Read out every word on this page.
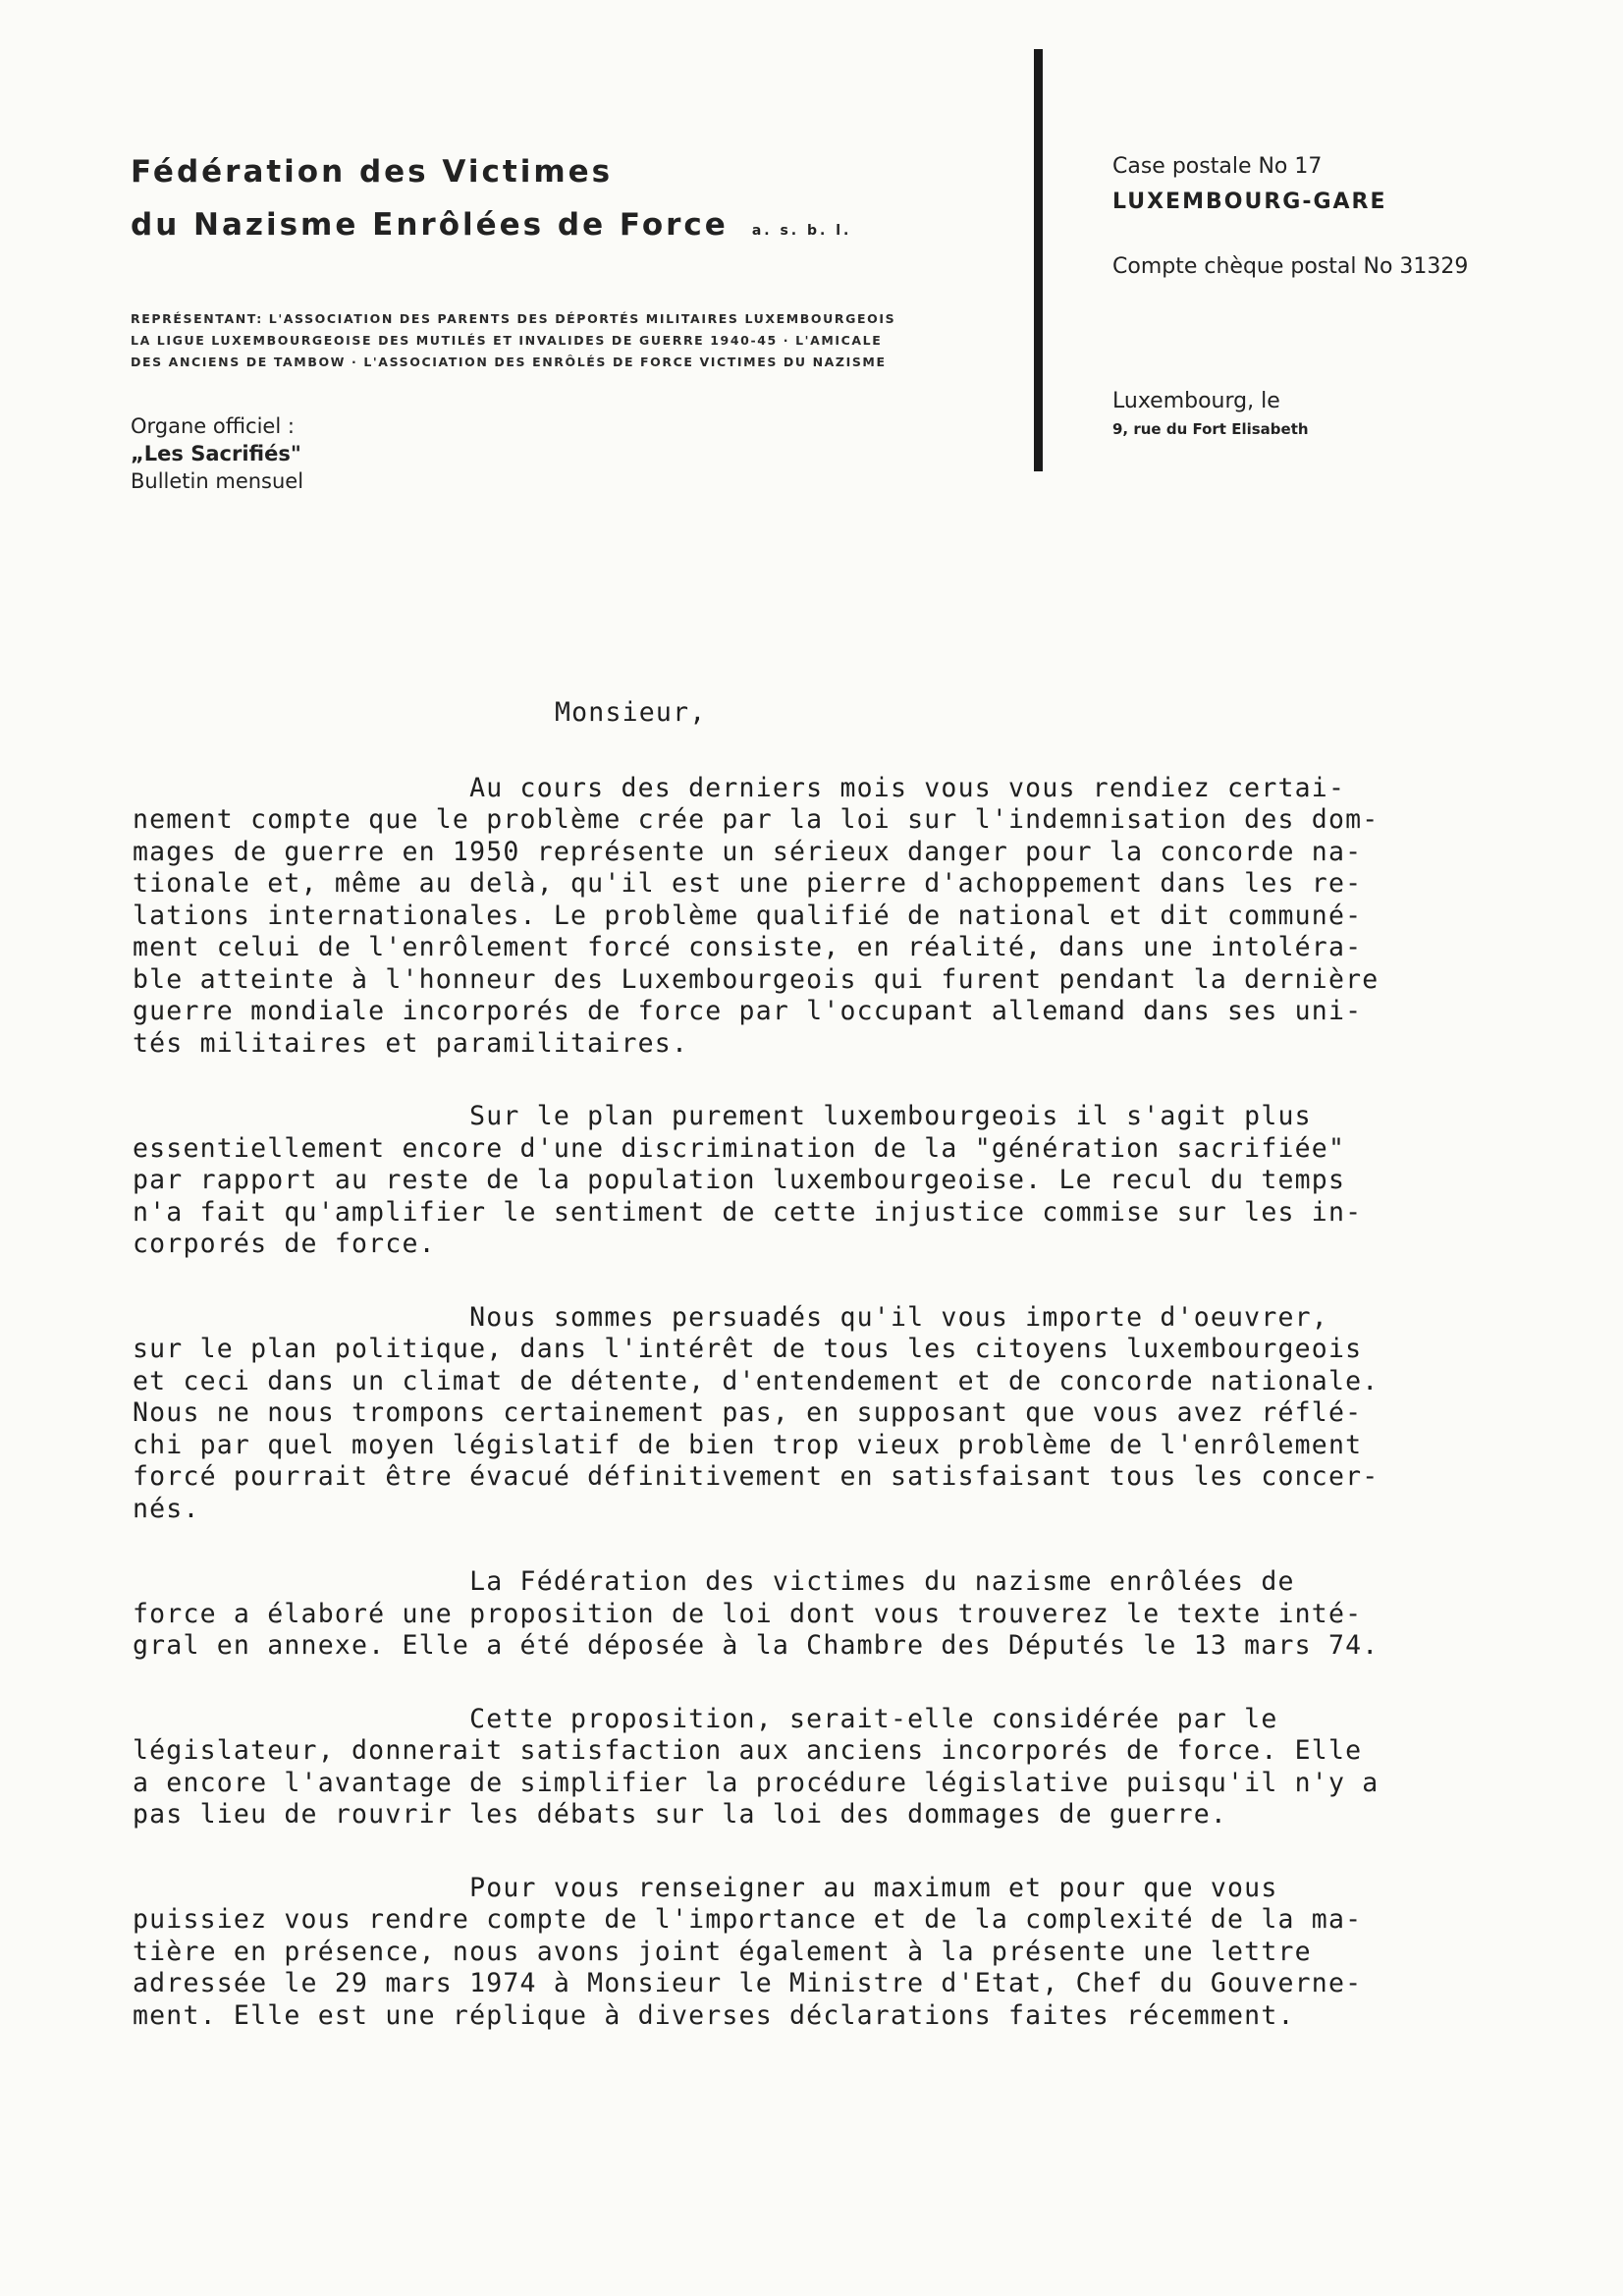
Fédération des Victimes
du Nazisme Enrôlées de Force a. s. b. l.
REPRÉSENTANT: L'ASSOCIATION DES PARENTS DES DÉPORTÉS MILITAIRES LUXEMBOURGEOIS
LA LIGUE LUXEMBOURGEOISE DES MUTILÉS ET INVALIDES DE GUERRE 1940-45 · L'AMICALE
DES ANCIENS DE TAMBOW · L'ASSOCIATION DES ENRÔLÉS DE FORCE VICTIMES DU NAZISME
Organe officiel :
„Les Sacrifiés"
Bulletin mensuel
Case postale No 17
LUXEMBOURG-GARE
Compte chèque postal No 31329
Luxembourg, le
9, rue du Fort Elisabeth
Monsieur,
Au cours des derniers mois vous vous rendiez certai-
nement compte que le problème crée par la loi sur l'indemnisation des dom-
mages de guerre en 1950 représente un sérieux danger pour la concorde na-
tionale et, même au delà, qu'il est une pierre d'achoppement dans les re-
lations internationales. Le problème qualifié de national et dit communé-
ment celui de l'enrôlement forcé consiste, en réalité, dans une intoléra-
ble atteinte à l'honneur des Luxembourgeois qui furent pendant la dernière
guerre mondiale incorporés de force par l'occupant allemand dans ses uni-
tés militaires et paramilitaires.
Sur le plan purement luxembourgeois il s'agit plus
essentiellement encore d'une discrimination de la "génération sacrifiée"
par rapport au reste de la population luxembourgeoise. Le recul du temps
n'a fait qu'amplifier le sentiment de cette injustice commise sur les in-
corporés de force.
Nous sommes persuadés qu'il vous importe d'oeuvrer,
sur le plan politique, dans l'intérêt de tous les citoyens luxembourgeois
et ceci dans un climat de détente, d'entendement et de concorde nationale.
Nous ne nous trompons certainement pas, en supposant que vous avez réflé-
chi par quel moyen législatif de bien trop vieux problème de l'enrôlement
forcé pourrait être évacué définitivement en satisfaisant tous les concer-
nés.
La Fédération des victimes du nazisme enrôlées de
force a élaboré une proposition de loi dont vous trouverez le texte inté-
gral en annexe. Elle a été déposée à la Chambre des Députés le 13 mars 74.
Cette proposition, serait-elle considérée par le
législateur, donnerait satisfaction aux anciens incorporés de force. Elle
a encore l'avantage de simplifier la procédure législative puisqu'il n'y a
pas lieu de rouvrir les débats sur la loi des dommages de guerre.
Pour vous renseigner au maximum et pour que vous
puissiez vous rendre compte de l'importance et de la complexité de la ma-
tière en présence, nous avons joint également à la présente une lettre
adressée le 29 mars 1974 à Monsieur le Ministre d'Etat, Chef du Gouverne-
ment. Elle est une réplique à diverses déclarations faites récemment.
